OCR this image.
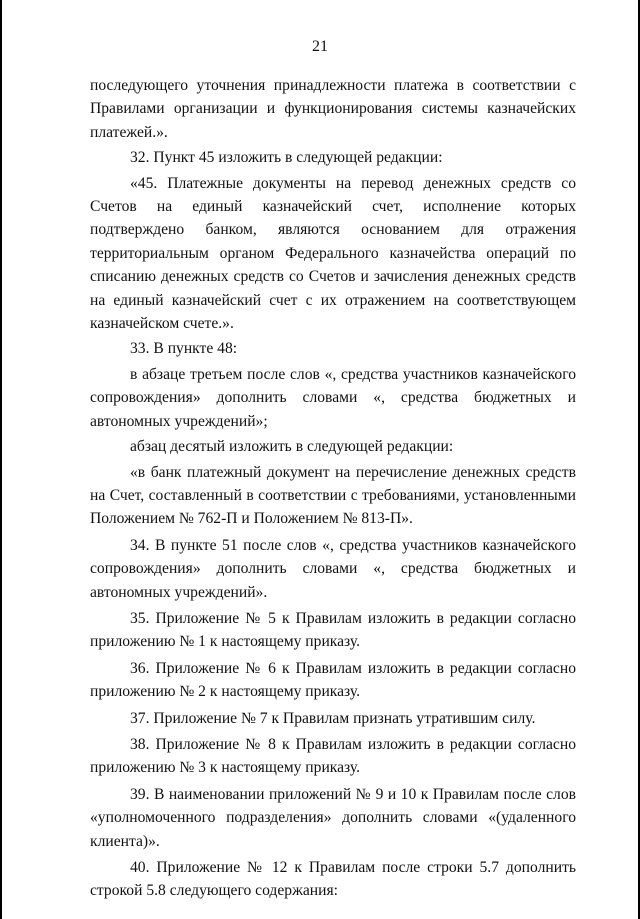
21

последующего уточнения принадлежности платежа в соответствии с Правилами организации и функционирования системы казначейских платежей.».

32. Пункт 45 изложить в следующей редакции:

«45. Платежные документы на перевод денежных средств со Счетов на единый казначейский счет, исполнение которых подтверждено банком, являются основанием для отражения территориальным органом Федерального казначейства операций по списанию денежных средств со Счетов и зачисления денежных средств на единый казначейский счет с их отражением на соответствующем казначейском счете.».

33. В пункте 48:

в абзаце третьем после слов «, средства участников казначейского сопровождения» дополнить словами «, средства бюджетных и автономных учреждений»;

абзац десятый изложить в следующей редакции:

«в банк платежный документ на перечисление денежных средств на Счет, составленный в соответствии с требованиями, установленными Положением № 762-П и Положением № 813-П».

34. В пункте 51 после слов «, средства участников казначейского сопровождения» дополнить словами «, средства бюджетных и автономных учреждений».

35. Приложение № 5 к Правилам изложить в редакции согласно приложению № 1 к настоящему приказу.

36. Приложение № 6 к Правилам изложить в редакции согласно приложению № 2 к настоящему приказу.

37. Приложение № 7 к Правилам признать утратившим силу.

38. Приложение № 8 к Правилам изложить в редакции согласно приложению № 3 к настоящему приказу.

39. В наименовании приложений № 9 и 10 к Правилам после слов «уполномоченного подразделения» дополнить словами «(удаленного клиента)».

40. Приложение № 12 к Правилам после строки 5.7 дополнить строкой 5.8 следующего содержания:
